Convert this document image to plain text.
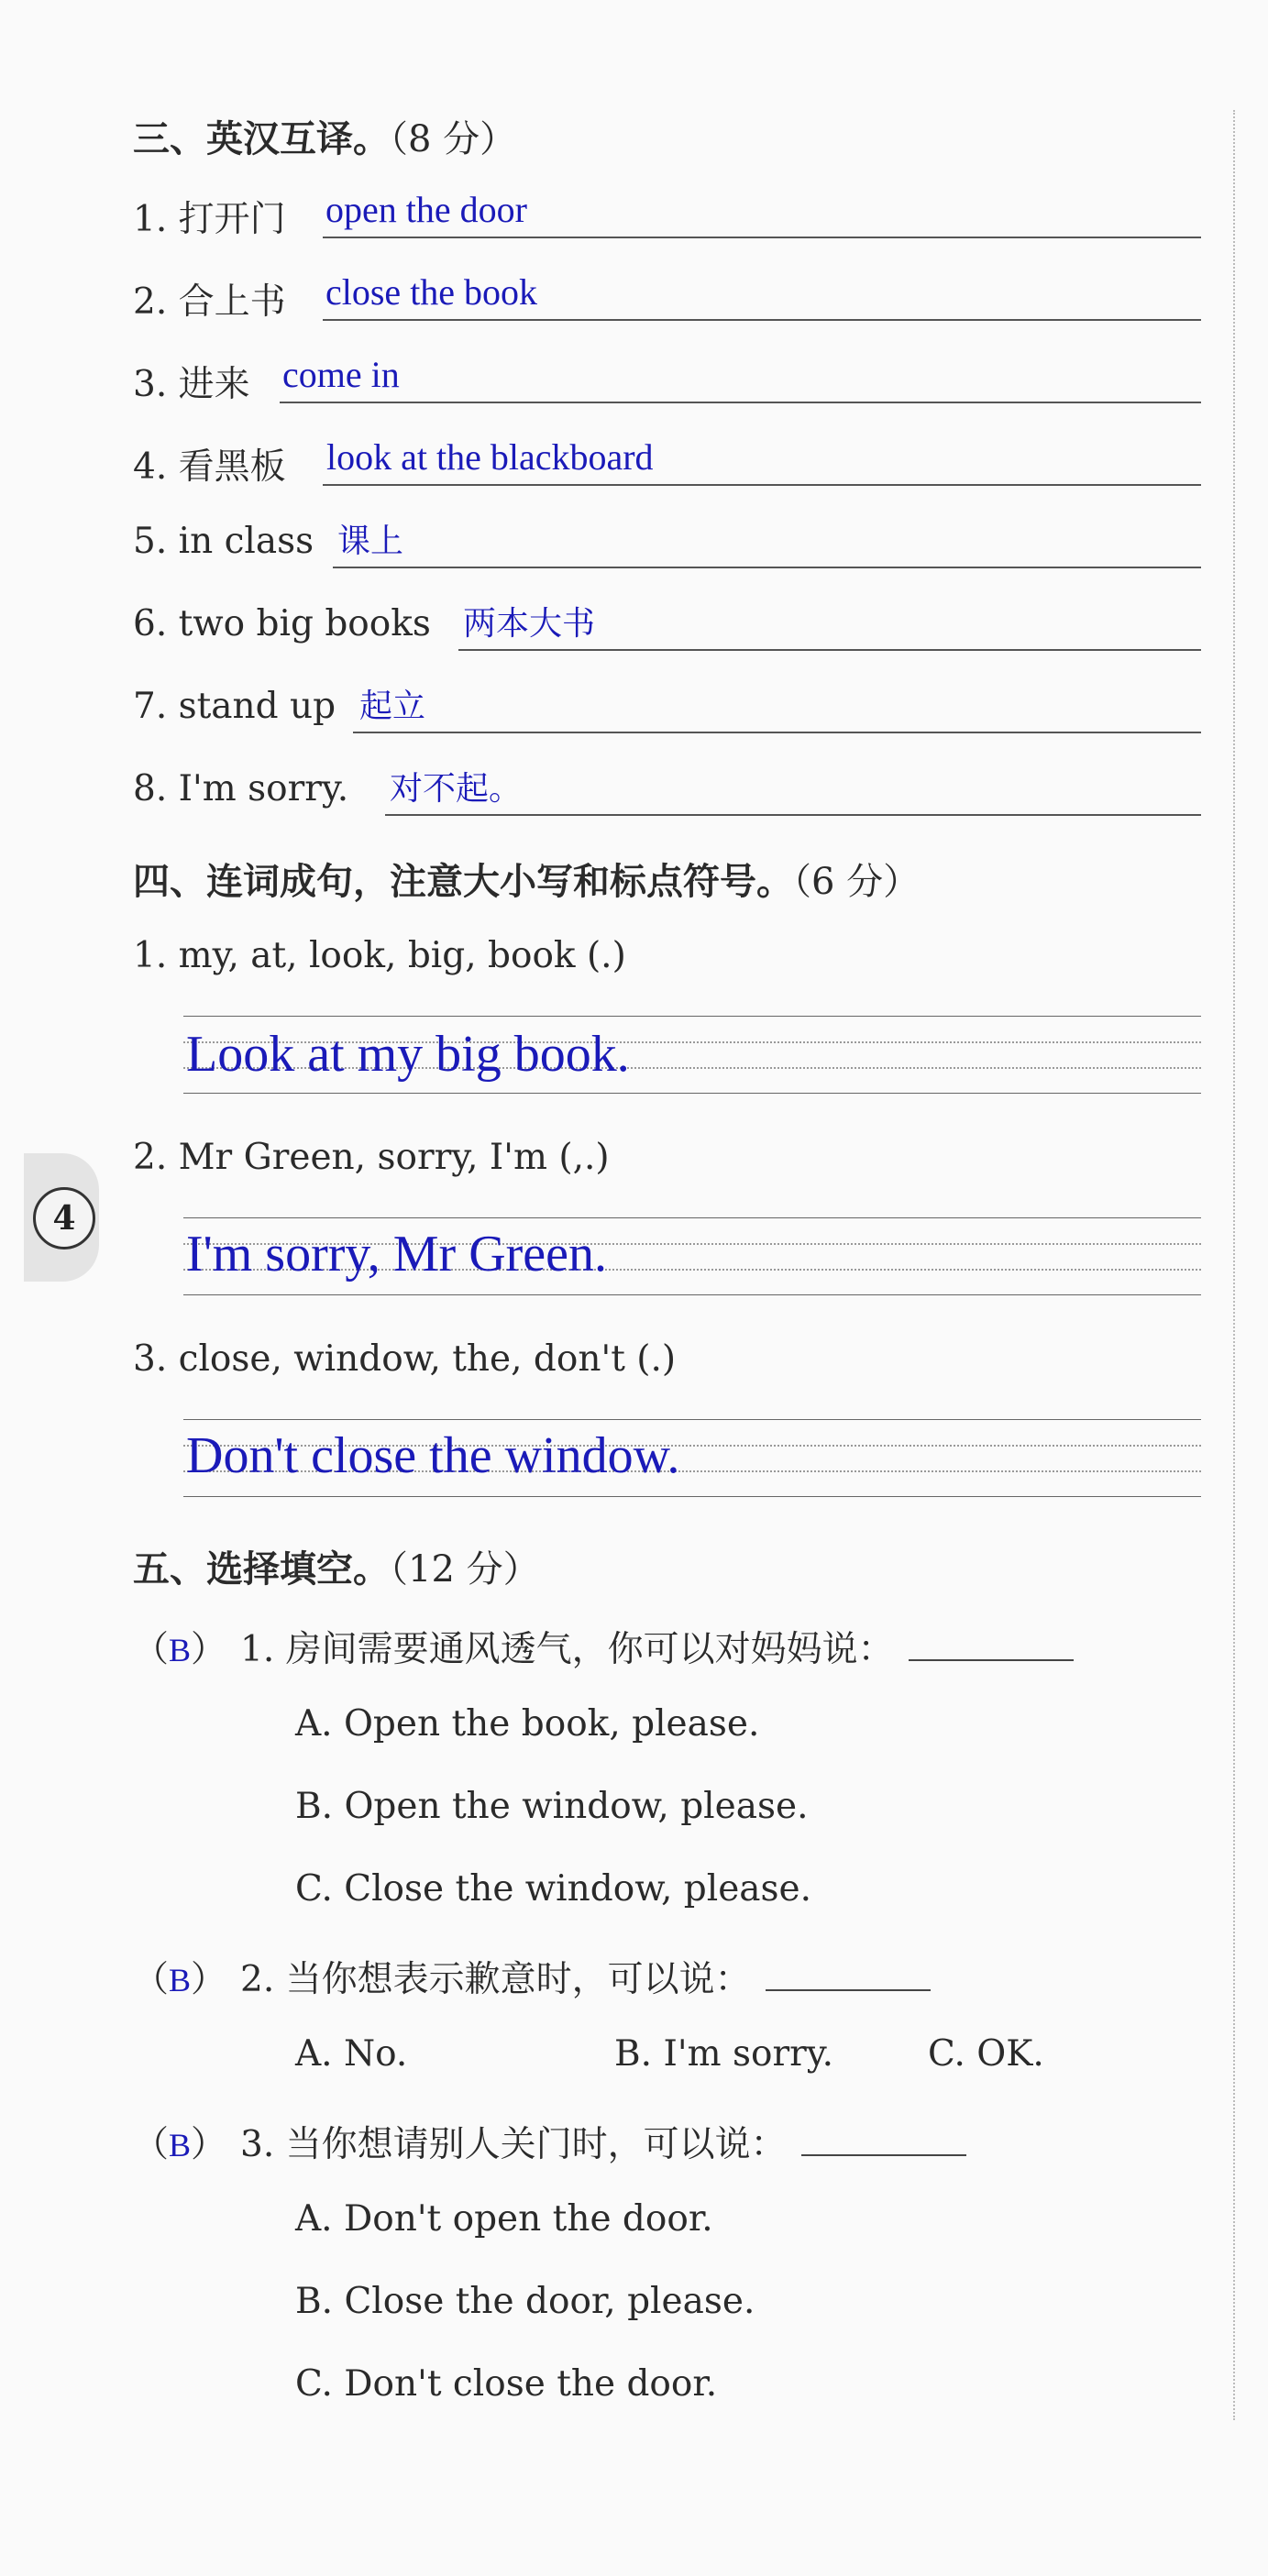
三、英汉互译。（8 分）
1. 打开门 open the door
2. 合上书 close the book
3. 进来 come in
4. 看黑板 look at the blackboard
5. in class 课上
6. two big books 两本大书
7. stand up 起立
8. I'm sorry. 对不起。
四、连词成句，注意大小写和标点符号。（6 分）
1. my, at, look, big, book (.)
Look at my big book.
2. Mr Green, sorry, I'm (,.)
I'm sorry, Mr Green.
3. close, window, the, don't (.)
Don't close the window.
4
五、选择填空。（12 分）
（B） 1. 房间需要通风透气，你可以对妈妈说：
A. Open the book, please.
B. Open the window, please.
C. Close the window, please.
（B） 2. 当你想表示歉意时，可以说：
A. No.	B. I'm sorry.	C. OK.
（B） 3. 当你想请别人关门时，可以说：
A. Don't open the door.
B. Close the door, please.
C. Don't close the door.
